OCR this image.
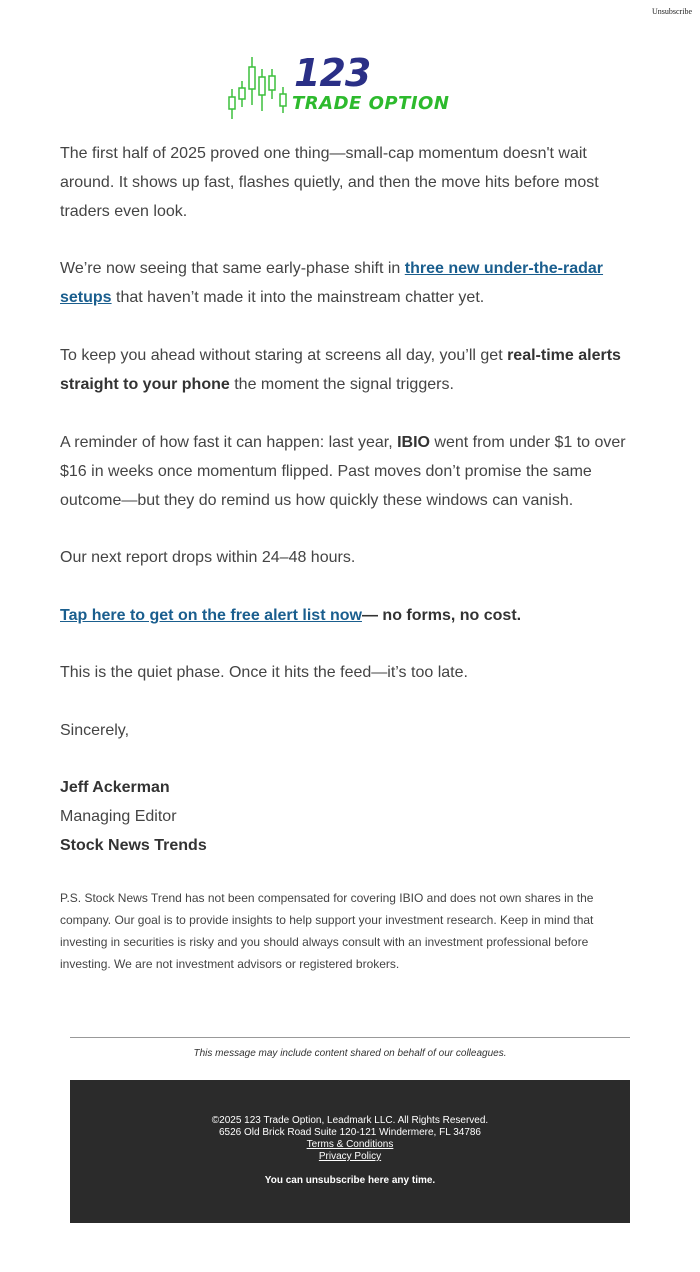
Unsubscribe
123
TRADE OPTION

The first half of 2025 proved one thing—small-cap momentum doesn't wait around. It shows up fast, flashes quietly, and then the move hits before most traders even look.

We’re now seeing that same early-phase shift in three new under-the-radar setups that haven’t made it into the mainstream chatter yet.

To keep you ahead without staring at screens all day, you’ll get real-time alerts straight to your phone the moment the signal triggers.

A reminder of how fast it can happen: last year, IBIO went from under $1 to over $16 in weeks once momentum flipped. Past moves don’t promise the same outcome—but they do remind us how quickly these windows can vanish.

Our next report drops within 24–48 hours.

Tap here to get on the free alert list now— no forms, no cost.

This is the quiet phase. Once it hits the feed—it’s too late.

Sincerely,

Jeff Ackerman
Managing Editor
Stock News Trends

P.S. Stock News Trend has not been compensated for covering IBIO and does not own shares in the company. Our goal is to provide insights to help support your investment research. Keep in mind that investing in securities is risky and you should always consult with an investment professional before investing. We are not investment advisors or registered brokers.

This message may include content shared on behalf of our colleagues.
©2025 123 Trade Option, Leadmark LLC. All Rights Reserved.
6526 Old Brick Road Suite 120-121 Windermere, FL 34786
Terms & Conditions
Privacy Policy
You can unsubscribe here any time.
